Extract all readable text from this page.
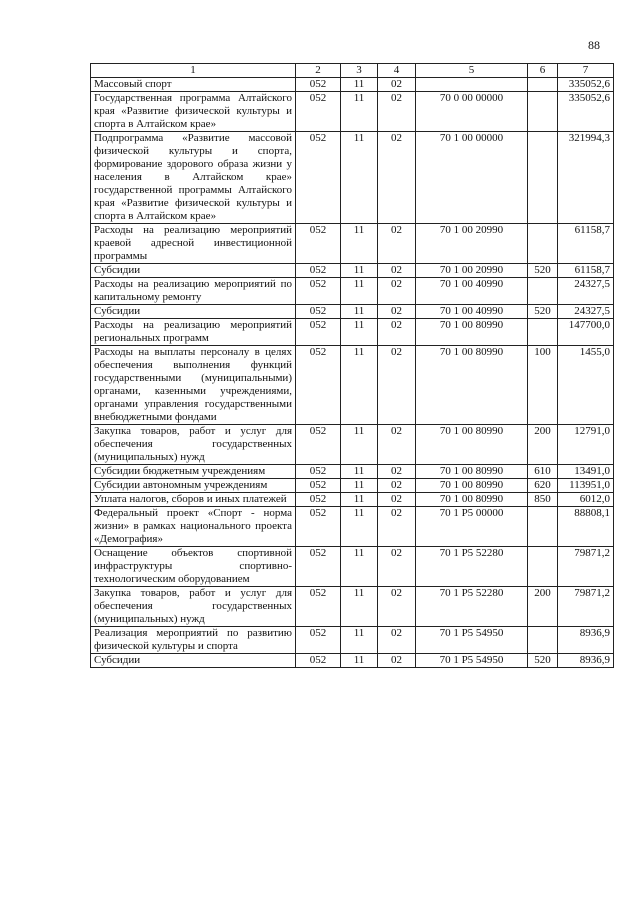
88
1	2	3	4	5	6	7
Массовый спорт	052	11	02			335052,6
Государственная программа Алтайского края «Развитие физической культуры и спорта в Алтайском крае»	052	11	02	70 0 00 00000		335052,6
Подпрограмма «Развитие массовой физической культуры и спорта, формирование здорового образа жизни у населения в Алтайском крае» государственной программы Алтайского края «Развитие физической культуры и спорта в Алтайском крае»	052	11	02	70 1 00 00000		321994,3
Расходы на реализацию мероприятий краевой адресной инвестиционной программы	052	11	02	70 1 00 20990		61158,7
Субсидии	052	11	02	70 1 00 20990	520	61158,7
Расходы на реализацию мероприятий по капитальному ремонту	052	11	02	70 1 00 40990		24327,5
Субсидии	052	11	02	70 1 00 40990	520	24327,5
Расходы на реализацию мероприятий региональных программ	052	11	02	70 1 00 80990		147700,0
Расходы на выплаты персоналу в целях обеспечения выполнения функций государственными (муниципальными) органами, казенными учреждениями, органами управления государственными внебюджетными фондами	052	11	02	70 1 00 80990	100	1455,0
Закупка товаров, работ и услуг для обеспечения государственных (муниципальных) нужд	052	11	02	70 1 00 80990	200	12791,0
Субсидии бюджетным учреждениям	052	11	02	70 1 00 80990	610	13491,0
Субсидии автономным учреждениям	052	11	02	70 1 00 80990	620	113951,0
Уплата налогов, сборов и иных платежей	052	11	02	70 1 00 80990	850	6012,0
Федеральный проект «Спорт - норма жизни» в рамках национального проекта «Демография»	052	11	02	70 1 P5 00000		88808,1
Оснащение объектов спортивной инфраструктуры спортивно-технологическим оборудованием	052	11	02	70 1 P5 52280		79871,2
Закупка товаров, работ и услуг для обеспечения государственных (муниципальных) нужд	052	11	02	70 1 P5 52280	200	79871,2
Реализация мероприятий по развитию физической культуры и спорта	052	11	02	70 1 P5 54950		8936,9
Субсидии	052	11	02	70 1 P5 54950	520	8936,9
